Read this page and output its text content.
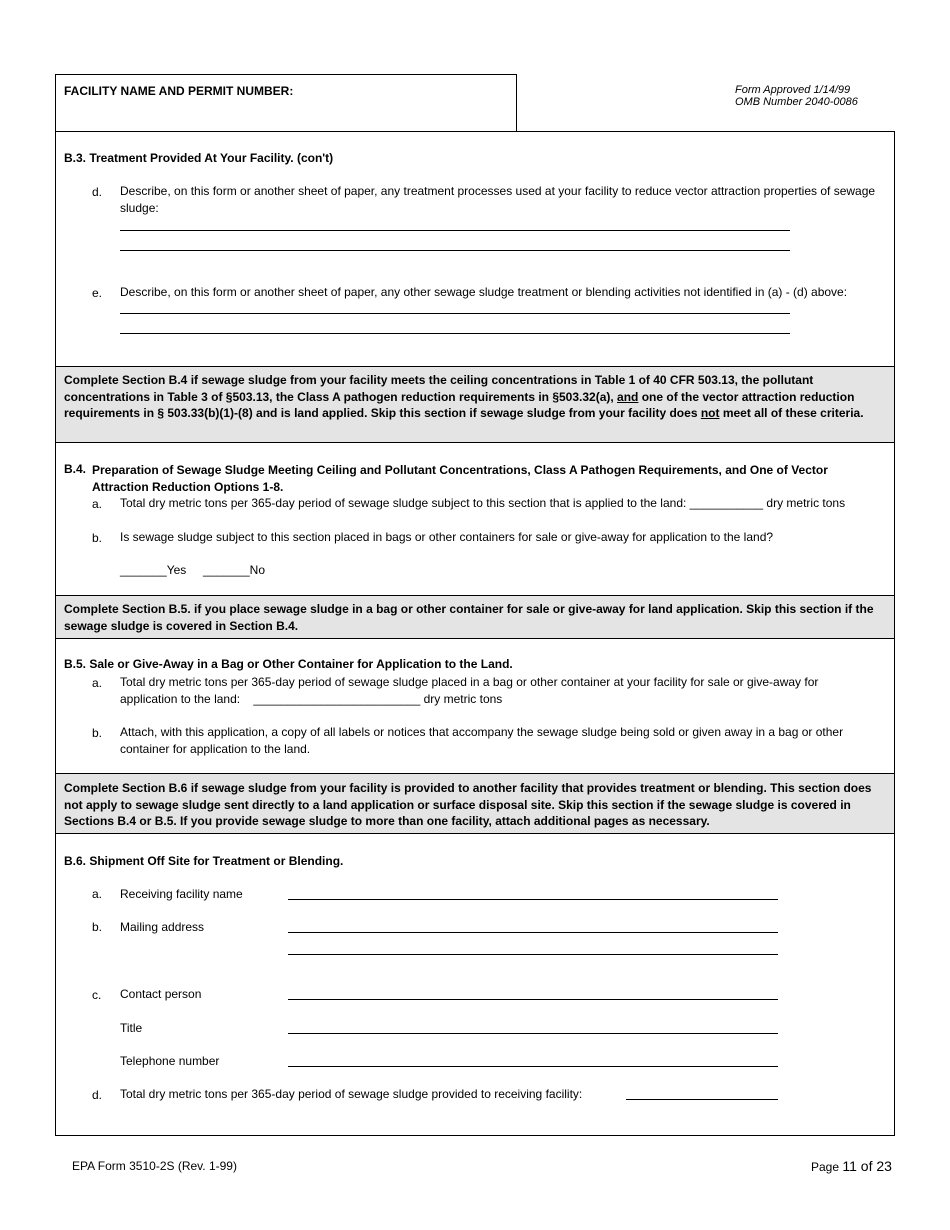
FACILITY NAME AND PERMIT NUMBER:	Form Approved 1/14/99
OMB Number 2040-0086
B.3. Treatment Provided At Your Facility. (con't)
d. Describe, on this form or another sheet of paper, any treatment processes used at your facility to reduce vector attraction properties of sewage sludge:
e. Describe, on this form or another sheet of paper, any other sewage sludge treatment or blending activities not identified in (a) - (d) above:
Complete Section B.4 if sewage sludge from your facility meets the ceiling concentrations in Table 1 of 40 CFR 503.13, the pollutant concentrations in Table 3 of §503.13, the Class A pathogen reduction requirements in §503.32(a), and one of the vector attraction reduction requirements in § 503.33(b)(1)-(8) and is land applied. Skip this section if sewage sludge from your facility does not meet all of these criteria.
B.4. Preparation of Sewage Sludge Meeting Ceiling and Pollutant Concentrations, Class A Pathogen Requirements, and One of Vector Attraction Reduction Options 1-8.
a. Total dry metric tons per 365-day period of sewage sludge subject to this section that is applied to the land: ___________ dry metric tons
b. Is sewage sludge subject to this section placed in bags or other containers for sale or give-away for application to the land?
_______Yes     _______No
Complete Section B.5. if you place sewage sludge in a bag or other container for sale or give-away for land application. Skip this section if the sewage sludge is covered in Section B.4.
B.5. Sale or Give-Away in a Bag or Other Container for Application to the Land.
a. Total dry metric tons per 365-day period of sewage sludge placed in a bag or other container at your facility for sale or give-away for
application to the land:    _________________________ dry metric tons
b. Attach, with this application, a copy of all labels or notices that accompany the sewage sludge being sold or given away in a bag or other container for application to the land.
Complete Section B.6 if sewage sludge from your facility is provided to another facility that provides treatment or blending. This section does not apply to sewage sludge sent directly to a land application or surface disposal site. Skip this section if the sewage sludge is covered in Sections B.4 or B.5. If you provide sewage sludge to more than one facility, attach additional pages as necessary.
B.6. Shipment Off Site for Treatment or Blending.
a. Receiving facility name
b. Mailing address
c. Contact person
Title
Telephone number
d. Total dry metric tons per 365-day period of sewage sludge provided to receiving facility:
EPA Form 3510-2S (Rev. 1-99)	Page 11 of 23
